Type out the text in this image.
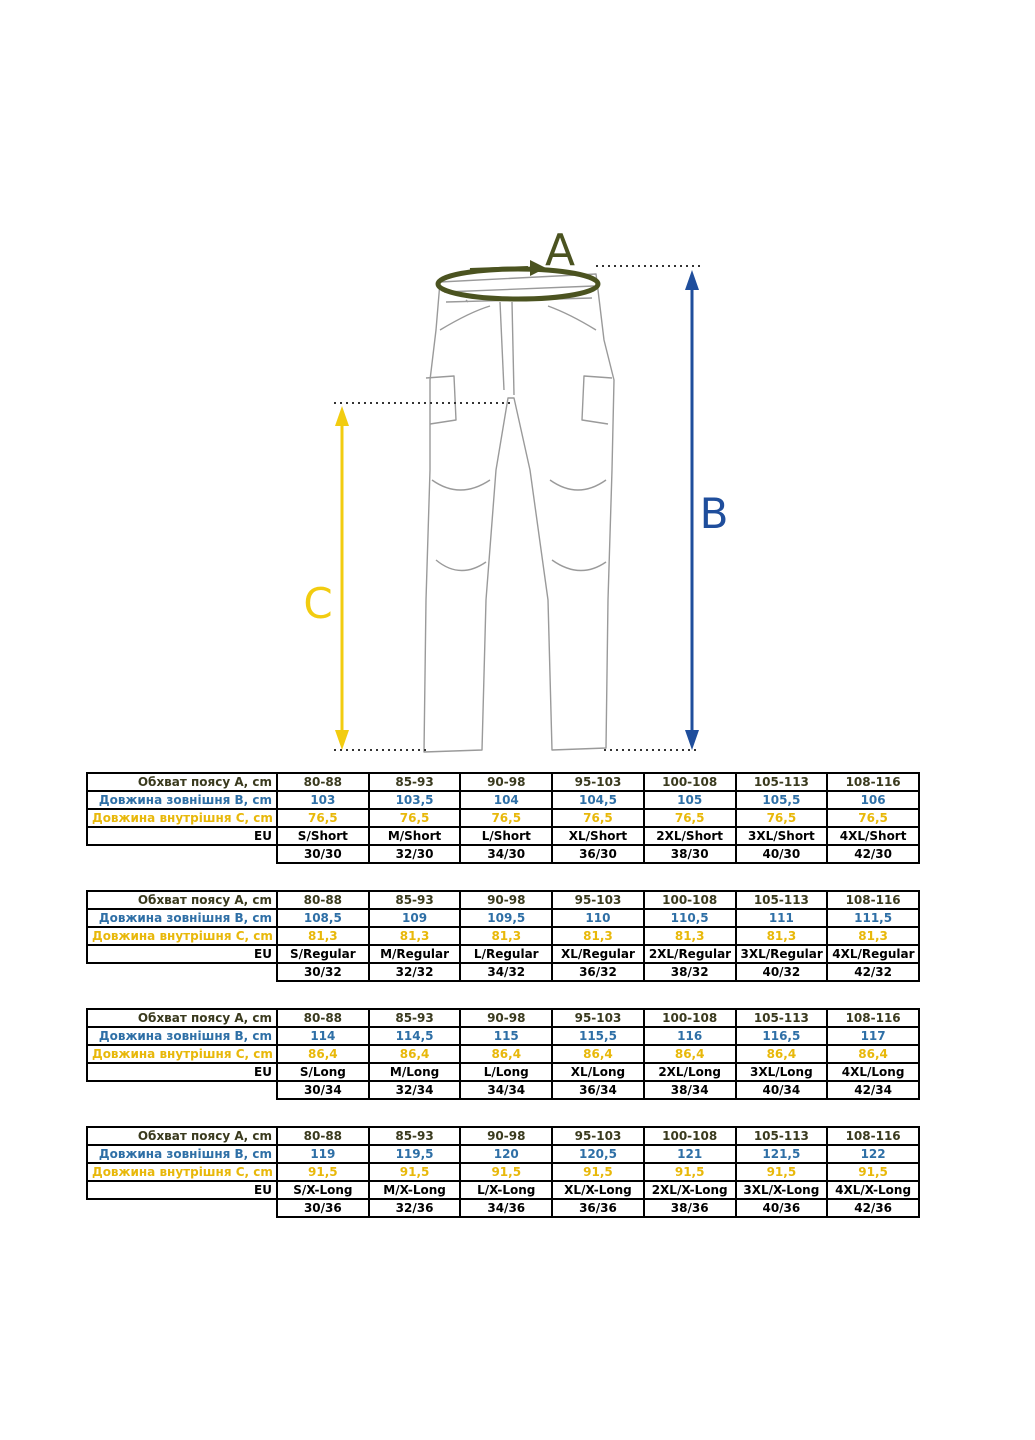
A
B
C
Обхват поясу А, cm	80-88	85-93	90-98	95-103	100-108	105-113	108-116
Довжина зовнішня В, cm	103	103,5	104	104,5	105	105,5	106
Довжина внутрішня С, cm	76,5	76,5	76,5	76,5	76,5	76,5	76,5
EU	S/Short	M/Short	L/Short	XL/Short	2XL/Short	3XL/Short	4XL/Short
	30/30	32/30	34/30	36/30	38/30	40/30	42/30
Обхват поясу А, cm	80-88	85-93	90-98	95-103	100-108	105-113	108-116
Довжина зовнішня В, cm	108,5	109	109,5	110	110,5	111	111,5
Довжина внутрішня С, cm	81,3	81,3	81,3	81,3	81,3	81,3	81,3
EU	S/Regular	M/Regular	L/Regular	XL/Regular	2XL/Regular	3XL/Regular	4XL/Regular
	30/32	32/32	34/32	36/32	38/32	40/32	42/32
Обхват поясу А, cm	80-88	85-93	90-98	95-103	100-108	105-113	108-116
Довжина зовнішня В, cm	114	114,5	115	115,5	116	116,5	117
Довжина внутрішня С, cm	86,4	86,4	86,4	86,4	86,4	86,4	86,4
EU	S/Long	M/Long	L/Long	XL/Long	2XL/Long	3XL/Long	4XL/Long
	30/34	32/34	34/34	36/34	38/34	40/34	42/34
Обхват поясу А, cm	80-88	85-93	90-98	95-103	100-108	105-113	108-116
Довжина зовнішня В, cm	119	119,5	120	120,5	121	121,5	122
Довжина внутрішня С, cm	91,5	91,5	91,5	91,5	91,5	91,5	91,5
EU	S/X-Long	M/X-Long	L/X-Long	XL/X-Long	2XL/X-Long	3XL/X-Long	4XL/X-Long
	30/36	32/36	34/36	36/36	38/36	40/36	42/36
